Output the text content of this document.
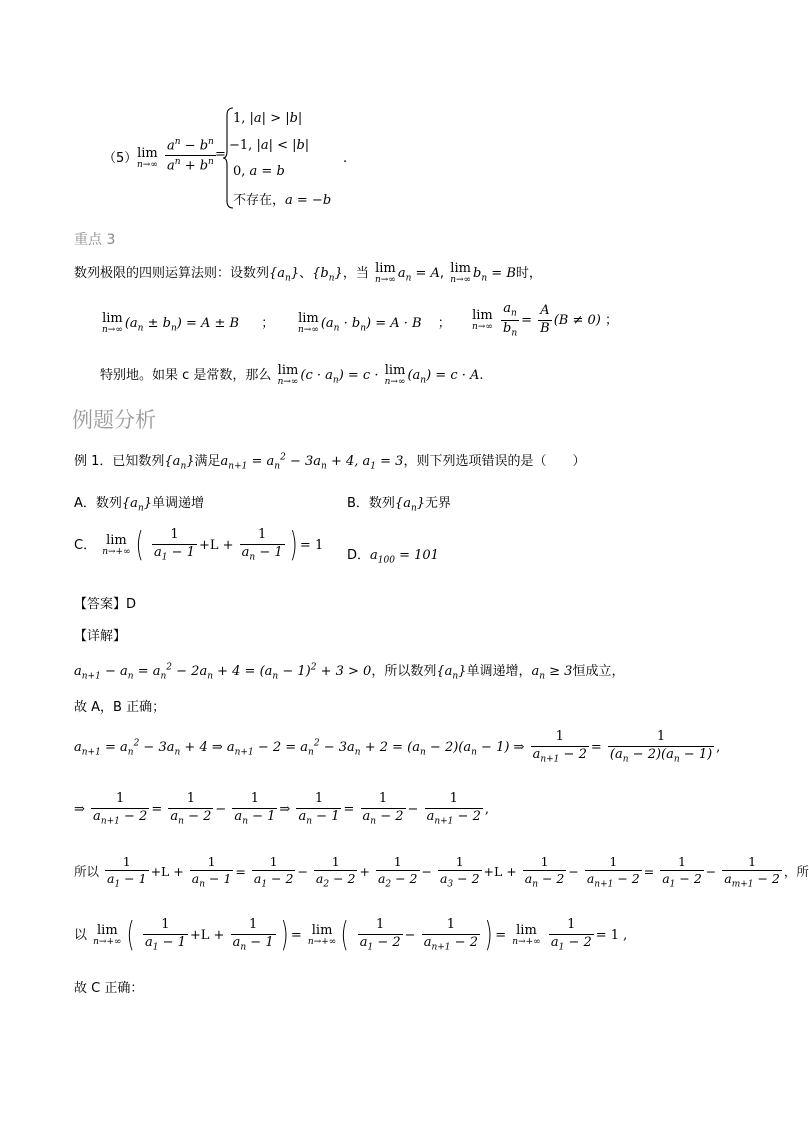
（5） lim
$n\to\infty \frac{a^n - b^n}{a^n + b^n}$ =
1, |a| > |b|
−1, |a| < |b|
0, a = b
不存在，a = −b
.
重点 3
数列极限的四则运算法则：设数列$\{a_n\}$、$\{b_n\}$，当 lim
n→∞ $a_n = A$, lim
n→∞ $b_n = B$时，
lim
n→∞ $(a_n \pm b_n) = A \pm B$ ； lim
n→∞ $(a_n \cdot b_n) = A \cdot B$ ；
lim
n→∞
$\frac{a_n}{b_n} = \frac{A}{B} (B \ne 0)$ ；
特别地。如果 c 是常数，那么 lim
n→∞ $(c \cdot a_n) = c \cdot \lim$
n→∞ $(a_n) = c \cdot A$.
例题分析
例 1．已知数列$\{a_n\}$满足$a_{n+1} = a_n^2 - 3a_n + 4$, $a_1 = 3$，则下列选项错误的是（　　）
A．数列$\{a_n\}$单调递增	B．数列$\{a_n\}$无界
C． lim
n→+∞ ( $\frac{1}{a_1 - 1} +L + \frac{1}{a_n - 1}$ ) = 1
D．$a_{100} = 101$
【答案】D
【详解】
$a_{n+1} - a_n = a_n^2 - 2a_n + 4 = (a_n - 1)^2 + 3 > 0$，所以数列$\{a_n\}$单调递增，$a_n \ge 3$恒成立，
故 A，B 正确；
$a_{n+1} = a_n^2 - 3a_n + 4$ ⇒ $a_{n+1} - 2 = a_n^2 - 3a_n + 2 = (a_n - 2)(a_n - 1)$ ⇒ $\frac{1}{a_{n+1} - 2} = \frac{1}{(a_n - 2)(a_n - 1)}$ ,
⇒ $\frac{1}{a_{n+1} - 2} = \frac{1}{a_n - 2} - \frac{1}{a_n - 1}$ ⇒ $\frac{1}{a_n - 1} = \frac{1}{a_n - 2} - \frac{1}{a_{n+1} - 2}$ ,
所以 $\frac{1}{a_1 - 1} +L + \frac{1}{a_n - 1} = \frac{1}{a_1 - 2} - \frac{1}{a_2 - 2} + \frac{1}{a_2 - 2} - \frac{1}{a_3 - 2} +L + \frac{1}{a_n - 2} - \frac{1}{a_{n+1} - 2} = \frac{1}{a_1 - 2} - \frac{1}{a_{m+1} - 2}$ ，所
以 lim
n→+∞ ( $\frac{1}{a_1 - 1} +L + \frac{1}{a_n - 1}$ ) = lim
n→+∞ ( $\frac{1}{a_1 - 2} - \frac{1}{a_{n+1} - 2}$ ) = lim
n→+∞
$\frac{1}{a_1 - 2} = 1$ ,
故 C 正确：
